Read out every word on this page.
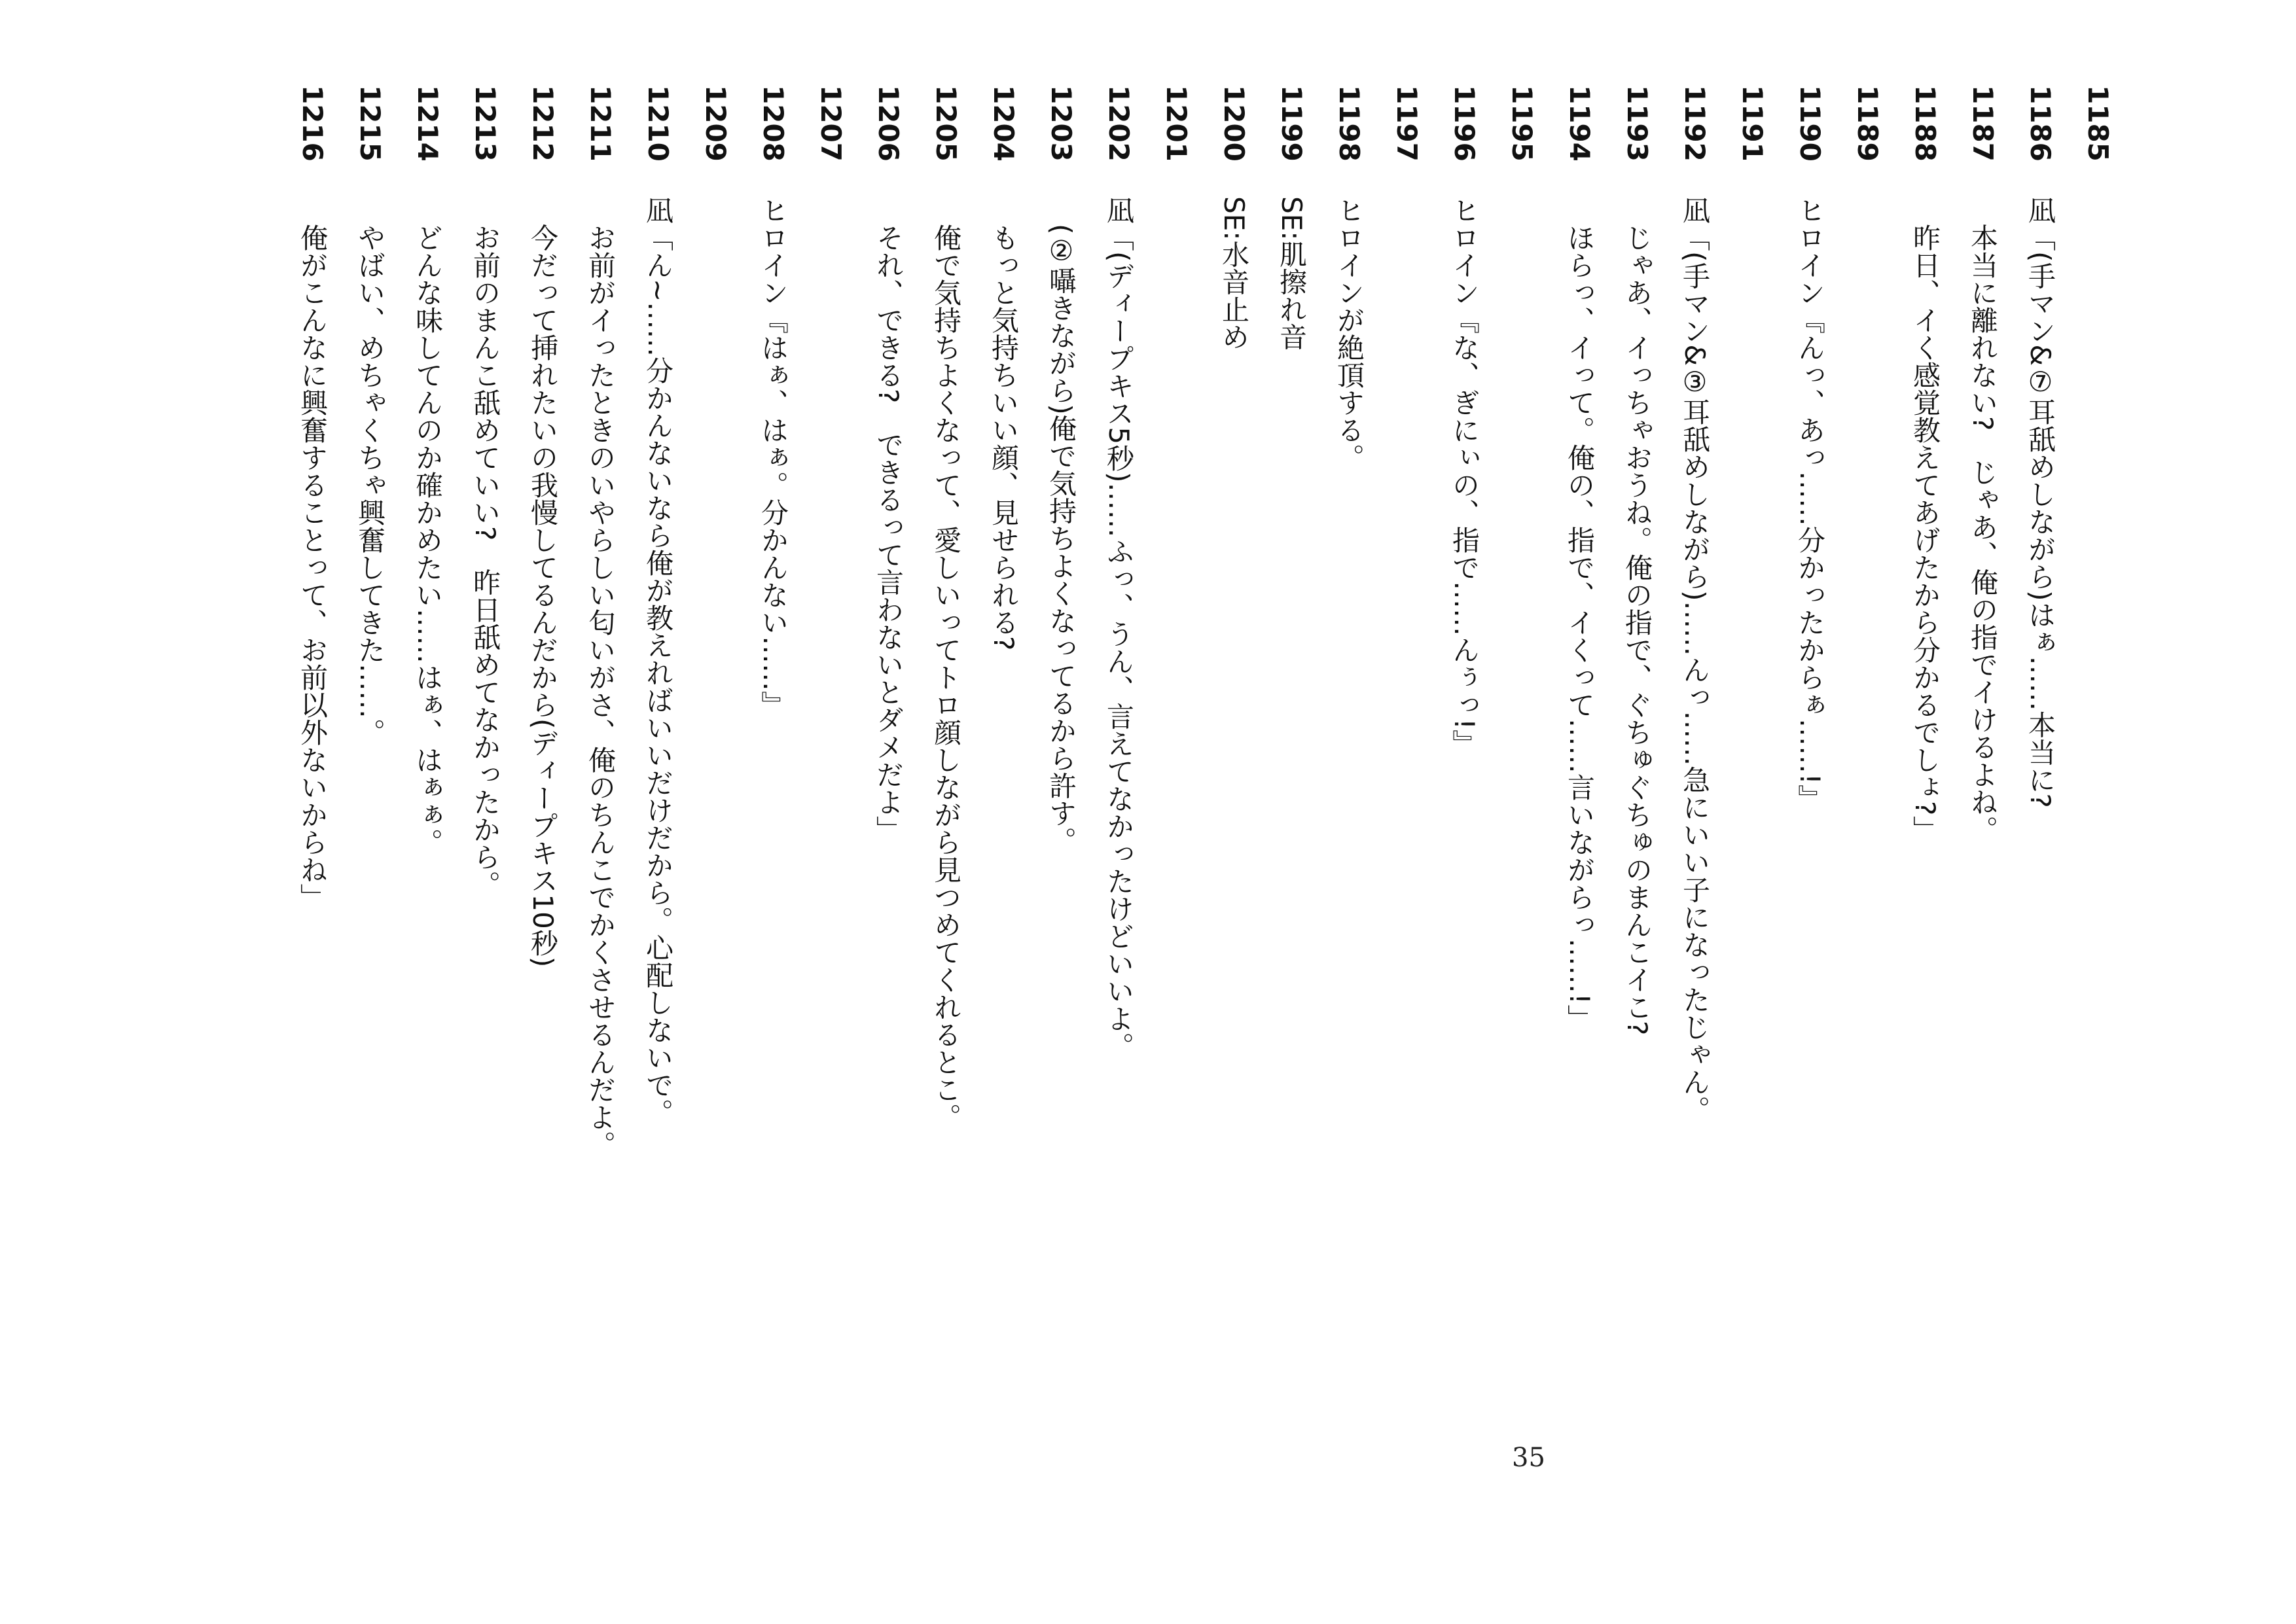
1185
1186
凪「(手マン&⑦耳舐めしながら)はぁ……本当に?
1187
　本当に離れない?　じゃあ、俺の指でイけるよね。
1188
　昨日、イく感覚教えてあげたから分かるでしょ?」
1189
1190
ヒロイン『んっ、あっ……分かったからぁ……!』
1191
1192
凪「(手マン&③耳舐めしながら)……んっ……急にいい子になったじゃん。
1193
　じゃあ、イっちゃおうね。俺の指で、ぐちゅぐちゅのまんこイこ?
1194
　ほらっ、イって。俺の、指で、イくって……言いながらっ……!」
1195
1196
ヒロイン『な、ぎにぃの、指で……んぅっ!』
1197
1198
ヒロインが絶頂する。
1199
SE:肌擦れ音
1200
SE:水音止め
1201
1202
凪「(ディープキス5秒)……ふっ、うん、言えてなかったけどいいよ。
1203
　(②囁きながら)俺で気持ちよくなってるから許す。
1204
　もっと気持ちいい顔、見せられる?
1205
　俺で気持ちよくなって、愛しいってトロ顔しながら見つめてくれるとこ。
1206
　それ、できる?　できるって言わないとダメだよ」
1207
1208
ヒロイン『はぁ、はぁ。分かんない……』
1209
1210
凪「ん~……分かんないなら俺が教えればいいだけだから。心配しないで。
1211
　お前がイったときのいやらしい匂いがさ、俺のちんこでかくさせるんだよ。
1212
　今だって挿れたいの我慢してるんだから(ディープキス10秒)
1213
　お前のまんこ舐めていい?　昨日舐めてなかったから。
1214
　どんな味してんのか確かめたい……はぁ、はぁぁ。
1215
　やばい、めちゃくちゃ興奮してきた……。
1216
　俺がこんなに興奮することって、お前以外ないからね」
35
